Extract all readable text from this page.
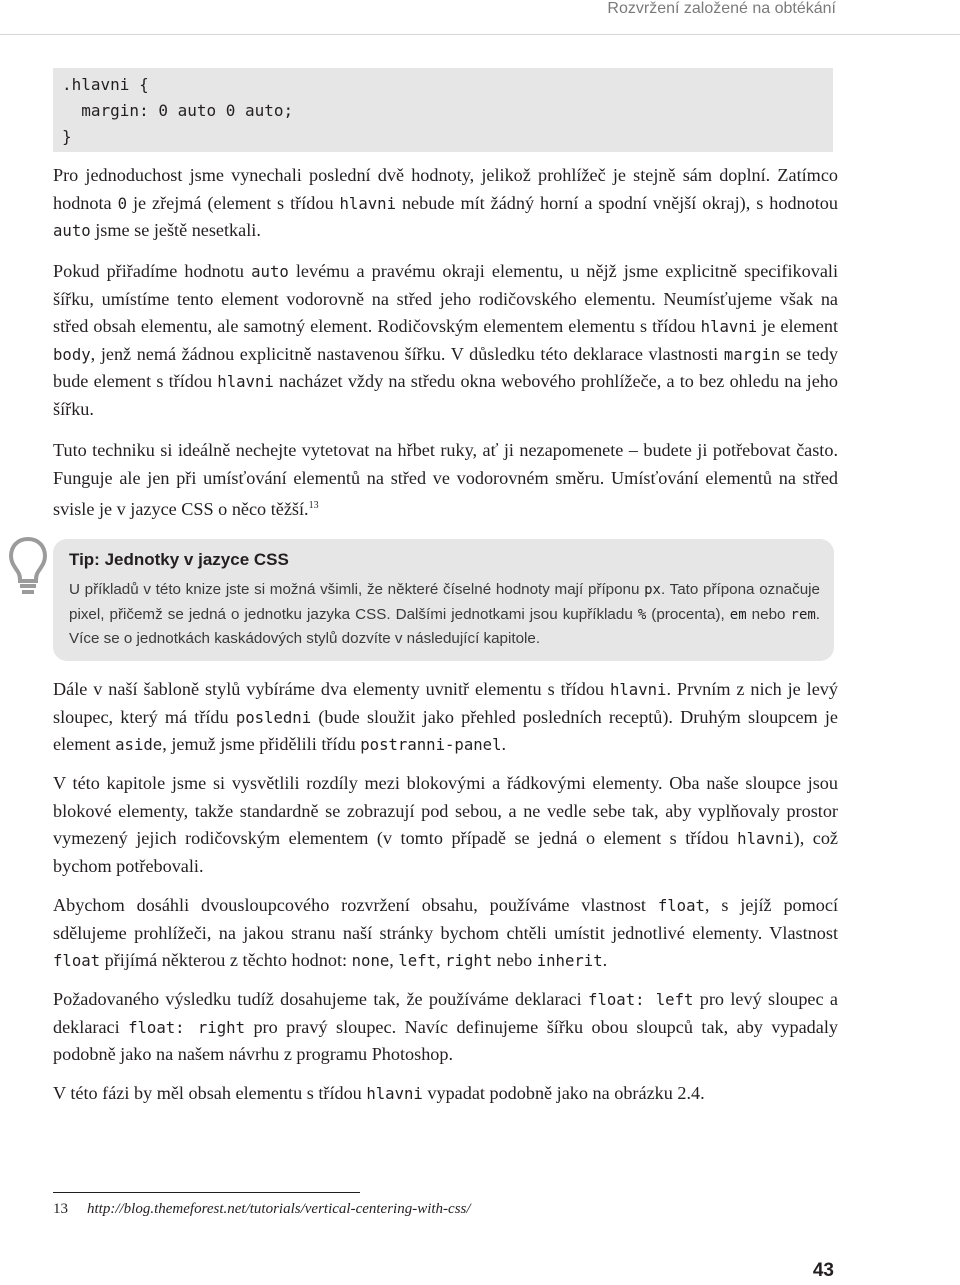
Rozvržení založené na obtékání
.hlavni {
margin: 0 auto 0 auto;
}

Pro jednoduchost jsme vynechali poslední dvě hodnoty, jelikož prohlížeč je stejně sám doplní. Zatímco hodnota 0 je zřejmá (element s třídou hlavni nebude mít žádný horní a spodní vnější okraj), s hodnotou auto jsme se ještě nesetkali.

Pokud přiřadíme hodnotu auto levému a pravému okraji elementu, u nějž jsme explicitně specifikovali šířku, umístíme tento element vodorovně na střed jeho rodičovského elementu. Neumísťujeme však na střed obsah elementu, ale samotný element. Rodičovským elementem elementu s třídou hlavni je element body, jenž nemá žádnou explicitně nastavenou šířku. V důsledku této deklarace vlastnosti margin se tedy bude element s třídou hlavni nacházet vždy na středu okna webového prohlížeče, a to bez ohledu na jeho šířku.

Tuto techniku si ideálně nechejte vytetovat na hřbet ruky, ať ji nezapomenete – budete ji potřebovat často. Funguje ale jen při umísťování elementů na střed ve vodorovném směru. Umísťování elementů na střed svisle je v jazyce CSS o něco těžší.$^{13}$

Tip: Jednotky v jazyce CSS
U příkladů v této knize jste si možná všimli, že některé číselné hodnoty mají příponu px. Tato přípona označuje pixel, přičemž se jedná o jednotku jazyka CSS. Dalšími jednotkami jsou kupříkladu % (procenta), em nebo rem. Více se o jednotkách kaskádových stylů dozvíte v následující kapitole.

Dále v naší šabloně stylů vybíráme dva elementy uvnitř elementu s třídou hlavni. Prvním z nich je levý sloupec, který má třídu posledni (bude sloužit jako přehled posledních receptů). Druhým sloupcem je element aside, jemuž jsme přidělili třídu postranni-panel.

V této kapitole jsme si vysvětlili rozdíly mezi blokovými a řádkovými elementy. Oba naše sloupce jsou blokové elementy, takže standardně se zobrazují pod sebou, a ne vedle sebe tak, aby vyplňovaly prostor vymezený jejich rodičovským elementem (v tomto případě se jedná o element s třídou hlavni), což bychom potřebovali.

Abychom dosáhli dvousloupcového rozvržení obsahu, používáme vlastnost float, s jejíž pomocí sdělujeme prohlížeči, na jakou stranu naší stránky bychom chtěli umístit jednotlivé elementy. Vlastnost float přijímá některou z těchto hodnot: none, left, right nebo inherit.

Požadovaného výsledku tudíž dosahujeme tak, že používáme deklaraci float: left pro levý sloupec a deklaraci float: right pro pravý sloupec. Navíc definujeme šířku obou sloupců tak, aby vypadaly podobně jako na našem návrhu z programu Photoshop.

V této fázi by měl obsah elementu s třídou hlavni vypadat podobně jako na obrázku 2.4.

13 http://blog.themeforest.net/tutorials/vertical-centering-with-css/
43
